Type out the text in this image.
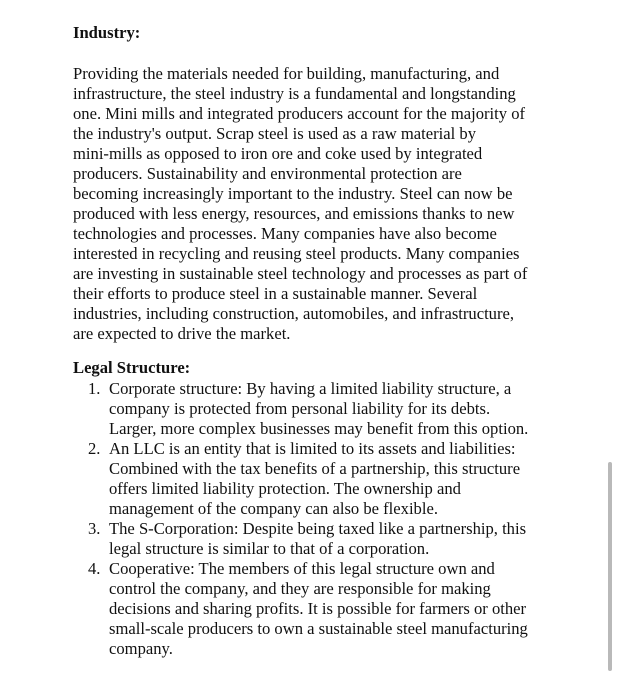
Industry:

Providing the materials needed for building, manufacturing, and
infrastructure, the steel industry is a fundamental and longstanding
one. Mini mills and integrated producers account for the majority of
the industry's output. Scrap steel is used as a raw material by
mini-mills as opposed to iron ore and coke used by integrated
producers. Sustainability and environmental protection are
becoming increasingly important to the industry. Steel can now be
produced with less energy, resources, and emissions thanks to new
technologies and processes. Many companies have also become
interested in recycling and reusing steel products. Many companies
are investing in sustainable steel technology and processes as part of
their efforts to produce steel in a sustainable manner. Several
industries, including construction, automobiles, and infrastructure,
are expected to drive the market.

Legal Structure:
1. Corporate structure: By having a limited liability structure, a
company is protected from personal liability for its debts.
Larger, more complex businesses may benefit from this option.
2. An LLC is an entity that is limited to its assets and liabilities:
Combined with the tax benefits of a partnership, this structure
offers limited liability protection. The ownership and
management of the company can also be flexible.
3. The S-Corporation: Despite being taxed like a partnership, this
legal structure is similar to that of a corporation.
4. Cooperative: The members of this legal structure own and
control the company, and they are responsible for making
decisions and sharing profits. It is possible for farmers or other
small-scale producers to own a sustainable steel manufacturing
company.
